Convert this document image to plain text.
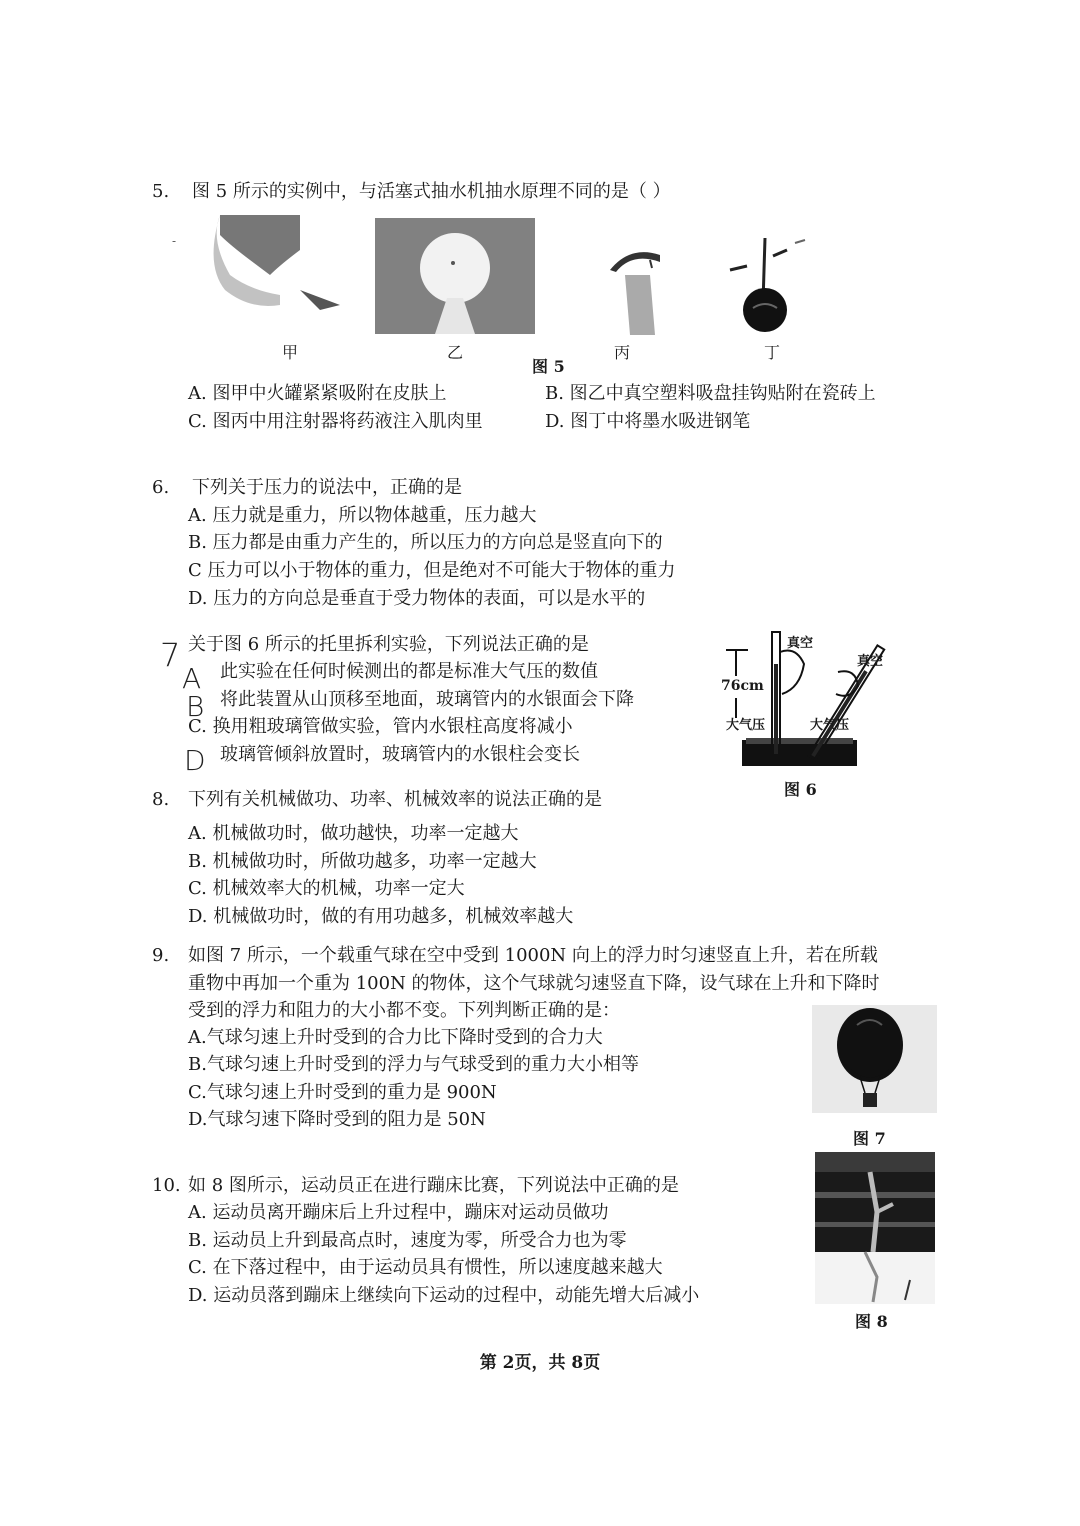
5. 图 5 所示的实例中，与活塞式抽水机抽水原理不同的是（ ）
-
甲	乙
图 5
丙	丁
A. 图甲中火罐紧紧吸附在皮肤上	B. 图乙中真空塑料吸盘挂钩贴附在瓷砖上
C. 图丙中用注射器将药液注入肌肉里	D. 图丁中将墨水吸进钢笔
6. 下列关于压力的说法中，正确的是
A. 压力就是重力，所以物体越重，压力越大
B. 压力都是由重力产生的，所以压力的方向总是竖直向下的
C 压力可以小于物体的重力，但是绝对不可能大于物体的重力
D. 压力的方向总是垂直于受力物体的表面，可以是水平的
7 关于图 6 所示的托里拆利实验，下列说法正确的是
A 此实验在任何时候测出的都是标准大气压的数值
B 将此装置从山顶移至地面，玻璃管内的水银面会下降
C. 换用粗玻璃管做实验，管内水银柱高度将减小
D 玻璃管倾斜放置时，玻璃管内的水银柱会变长
真空
真空
76cm
大气压	大气压
图 6
8. 下列有关机械做功、功率、机械效率的说法正确的是
A. 机械做功时，做功越快，功率一定越大
B. 机械做功时，所做功越多，功率一定越大
C. 机械效率大的机械，功率一定大
D. 机械做功时，做的有用功越多，机械效率越大
9. 如图 7 所示，一个载重气球在空中受到 1000N 向上的浮力时匀速竖直上升，若在所载
重物中再加一个重为 100N 的物体，这个气球就匀速竖直下降，设气球在上升和下降时
受到的浮力和阻力的大小都不变。下列判断正确的是：
A.气球匀速上升时受到的合力比下降时受到的合力大
B.气球匀速上升时受到的浮力与气球受到的重力大小相等
C.气球匀速上升时受到的重力是 900N
D.气球匀速下降时受到的阻力是 50N
图 7
10. 如 8 图所示，运动员正在进行蹦床比赛，下列说法中正确的是
A. 运动员离开蹦床后上升过程中，蹦床对运动员做功
B. 运动员上升到最高点时，速度为零，所受合力也为零
C. 在下落过程中，由于运动员具有惯性，所以速度越来越大
D. 运动员落到蹦床上继续向下运动的过程中，动能先增大后减小
图 8
第 2页，共 8页
